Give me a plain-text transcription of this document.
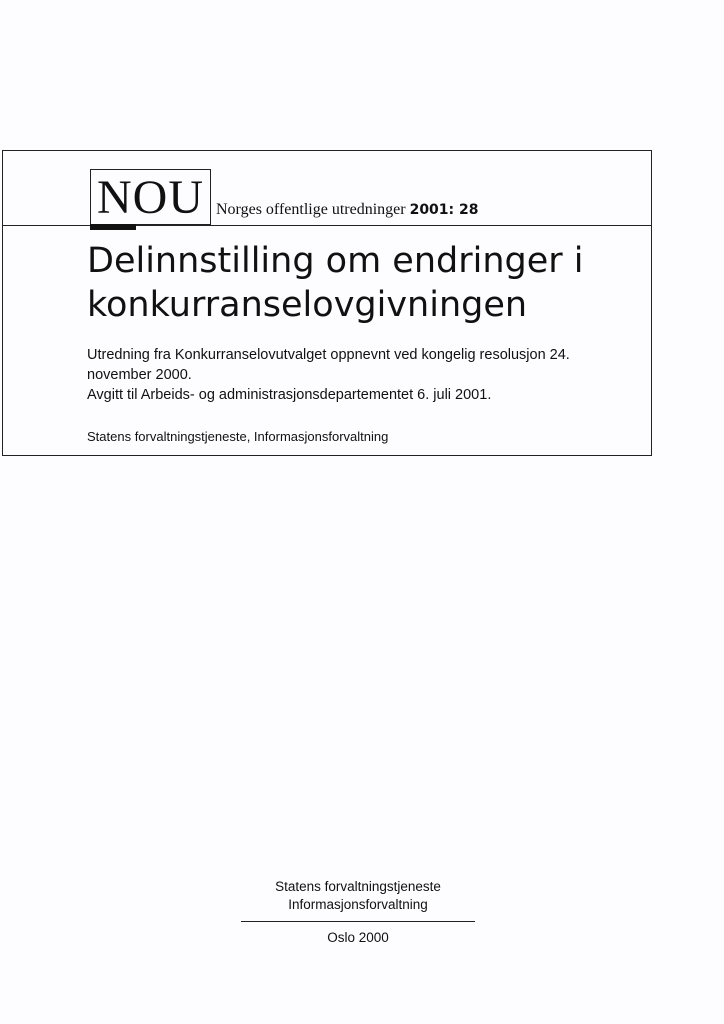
NOU Norges offentlige utredninger 2001: 28
Delinnstilling om endringer i konkurranselovgivningen

Utredning fra Konkurranselovutvalget oppnevnt ved kongelig resolusjon 24. november 2000.

Avgitt til Arbeids- og administrasjonsdepartementet 6. juli 2001.

Statens forvaltningstjeneste, Informasjonsforvaltning
Statens forvaltningstjeneste
Informasjonsforvaltning
Oslo 2000
